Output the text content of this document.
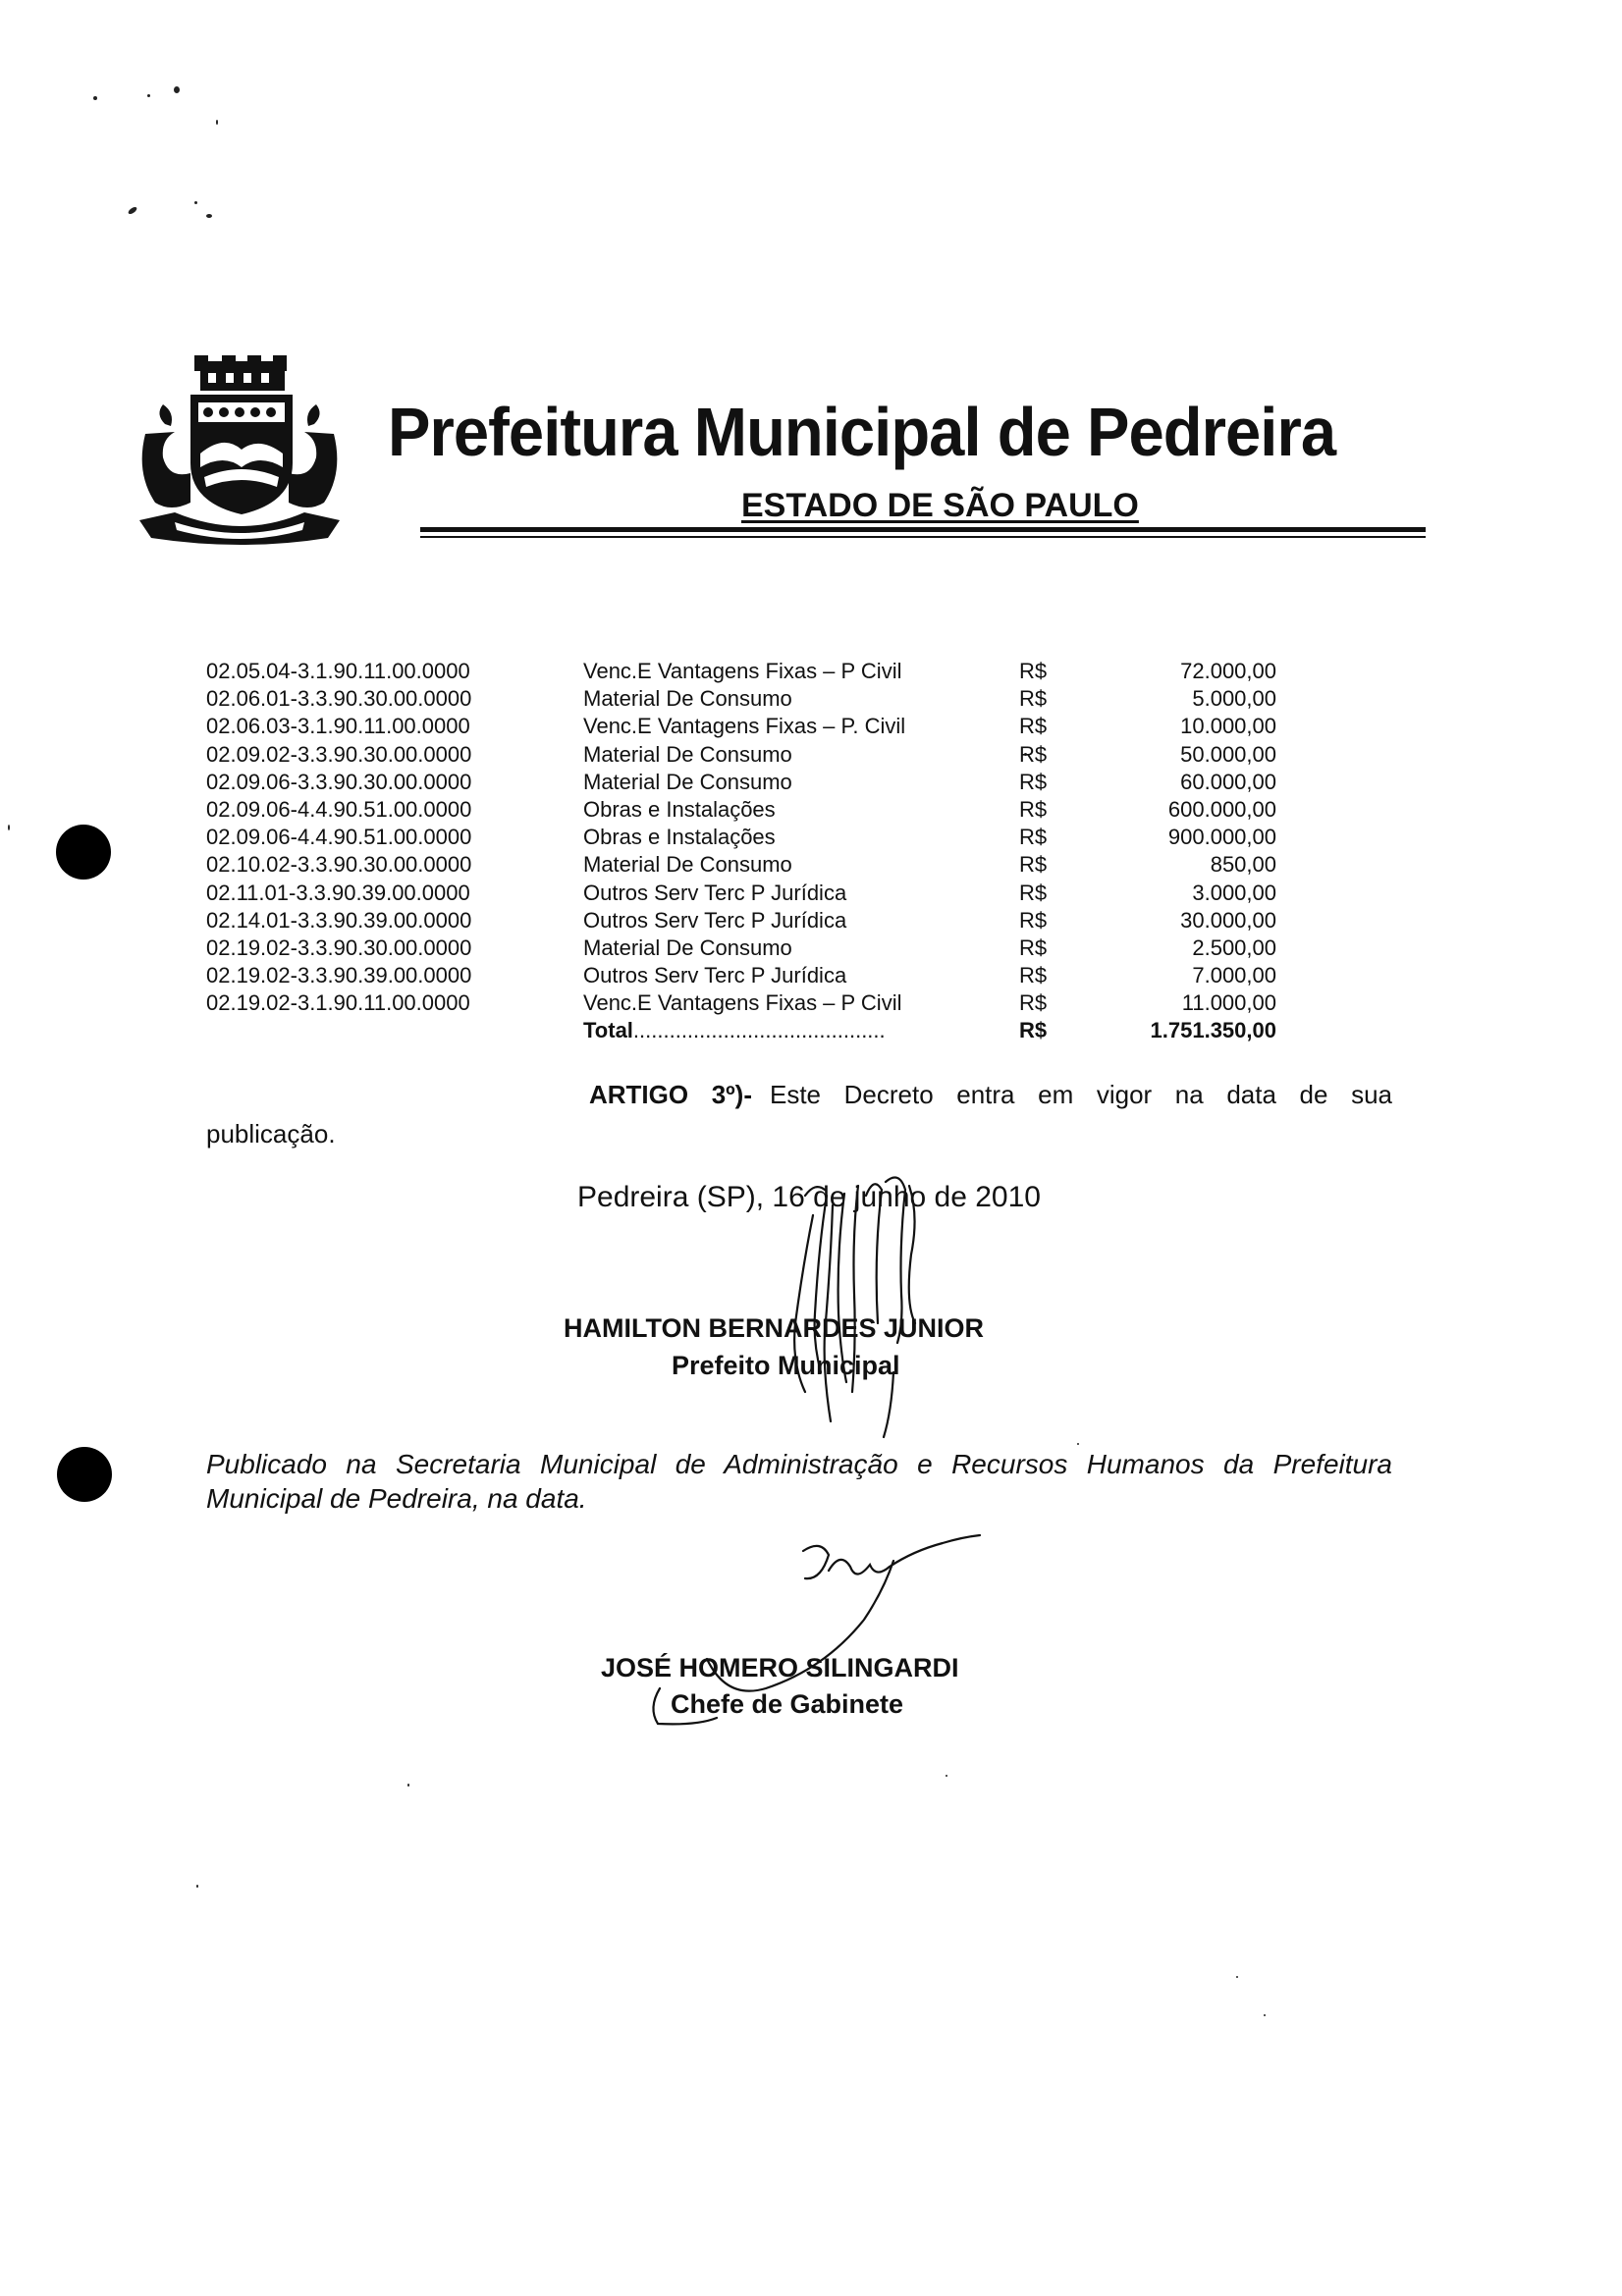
Prefeitura Municipal de Pedreira
ESTADO DE SÃO PAULO
02.05.04-3.1.90.11.00.0000	Venc.E Vantagens Fixas – P Civil	R$	72.000,00
02.06.01-3.3.90.30.00.0000	Material De Consumo	R$	5.000,00
02.06.03-3.1.90.11.00.0000	Venc.E Vantagens Fixas – P. Civil	R$	10.000,00
02.09.02-3.3.90.30.00.0000	Material De Consumo	R$	50.000,00
02.09.06-3.3.90.30.00.0000	Material De Consumo	R$	60.000,00
02.09.06-4.4.90.51.00.0000	Obras e Instalações	R$	600.000,00
02.09.06-4.4.90.51.00.0000	Obras e Instalações	R$	900.000,00
02.10.02-3.3.90.30.00.0000	Material De Consumo	R$	850,00
02.11.01-3.3.90.39.00.0000	Outros Serv Terc P Jurídica	R$	3.000,00
02.14.01-3.3.90.39.00.0000	Outros Serv Terc P Jurídica	R$	30.000,00
02.19.02-3.3.90.30.00.0000	Material De Consumo	R$	2.500,00
02.19.02-3.3.90.39.00.0000	Outros Serv Terc P Jurídica	R$	7.000,00
02.19.02-3.1.90.11.00.0000	Venc.E Vantagens Fixas – P Civil	R$	11.000,00
Total..........................................	R$	1.751.350,00
ARTIGO 3º)- Este Decreto entra em vigor na data de sua
publicação.
Pedreira (SP), 16 de junho de 2010
HAMILTON BERNARDES JUNIOR
Prefeito Municipal
Publicado na Secretaria Municipal de Administração e Recursos Humanos da Prefeitura Municipal de Pedreira, na data.
JOSÉ HOMERO SILINGARDI
Chefe de Gabinete
